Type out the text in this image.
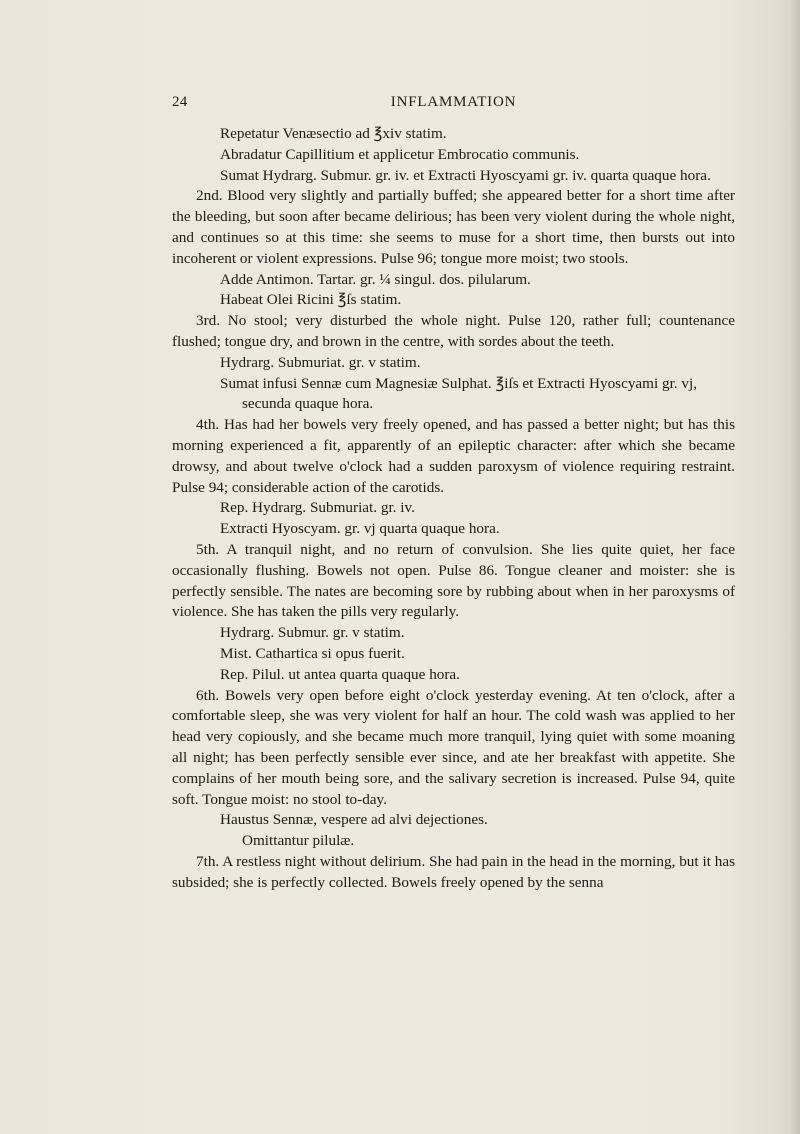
24	INFLAMMATION

Repetatur Venæsectio ad ℥xiv statim.

Abradatur Capillitium et applicetur Embrocatio communis.

Sumat Hydrarg. Submur. gr. iv. et Extracti Hyoscyami gr. iv. quarta quaque hora.

2nd. Blood very slightly and partially buffed; she appeared better for a short time after the bleeding, but soon after became delirious; has been very violent during the whole night, and continues so at this time: she seems to muse for a short time, then bursts out into incoherent or violent expressions. Pulse 96; tongue more moist; two stools.

Adde Antimon. Tartar. gr. ¼ singul. dos. pilularum.

Habeat Olei Ricini ℥ſs statim.

3rd. No stool; very disturbed the whole night. Pulse 120, rather full; countenance flushed; tongue dry, and brown in the centre, with sordes about the teeth.

Hydrarg. Submuriat. gr. v statim.

Sumat infusi Sennæ cum Magnesiæ Sulphat. ℥iſs et Extracti Hyoscyami gr. vj, secunda quaque hora.

4th. Has had her bowels very freely opened, and has passed a better night; but has this morning experienced a fit, apparently of an epileptic character: after which she became drowsy, and about twelve o'clock had a sudden paroxysm of violence requiring restraint. Pulse 94; considerable action of the carotids.

Rep. Hydrarg. Submuriat. gr. iv.

Extracti Hyoscyam. gr. vj quarta quaque hora.

5th. A tranquil night, and no return of convulsion. She lies quite quiet, her face occasionally flushing. Bowels not open. Pulse 86. Tongue cleaner and moister: she is perfectly sensible. The nates are becoming sore by rubbing about when in her paroxysms of violence. She has taken the pills very regularly.

Hydrarg. Submur. gr. v statim.

Mist. Cathartica si opus fuerit.

Rep. Pilul. ut antea quarta quaque hora.

6th. Bowels very open before eight o'clock yesterday evening. At ten o'clock, after a comfortable sleep, she was very violent for half an hour. The cold wash was applied to her head very copiously, and she became much more tranquil, lying quiet with some moaning all night; has been perfectly sensible ever since, and ate her breakfast with appetite. She complains of her mouth being sore, and the salivary secretion is increased. Pulse 94, quite soft. Tongue moist: no stool to-day.

Haustus Sennæ, vespere ad alvi dejectiones.

Omittantur pilulæ.

7th. A restless night without delirium. She had pain in the head in the morning, but it has subsided; she is perfectly collected. Bowels freely opened by the senna
